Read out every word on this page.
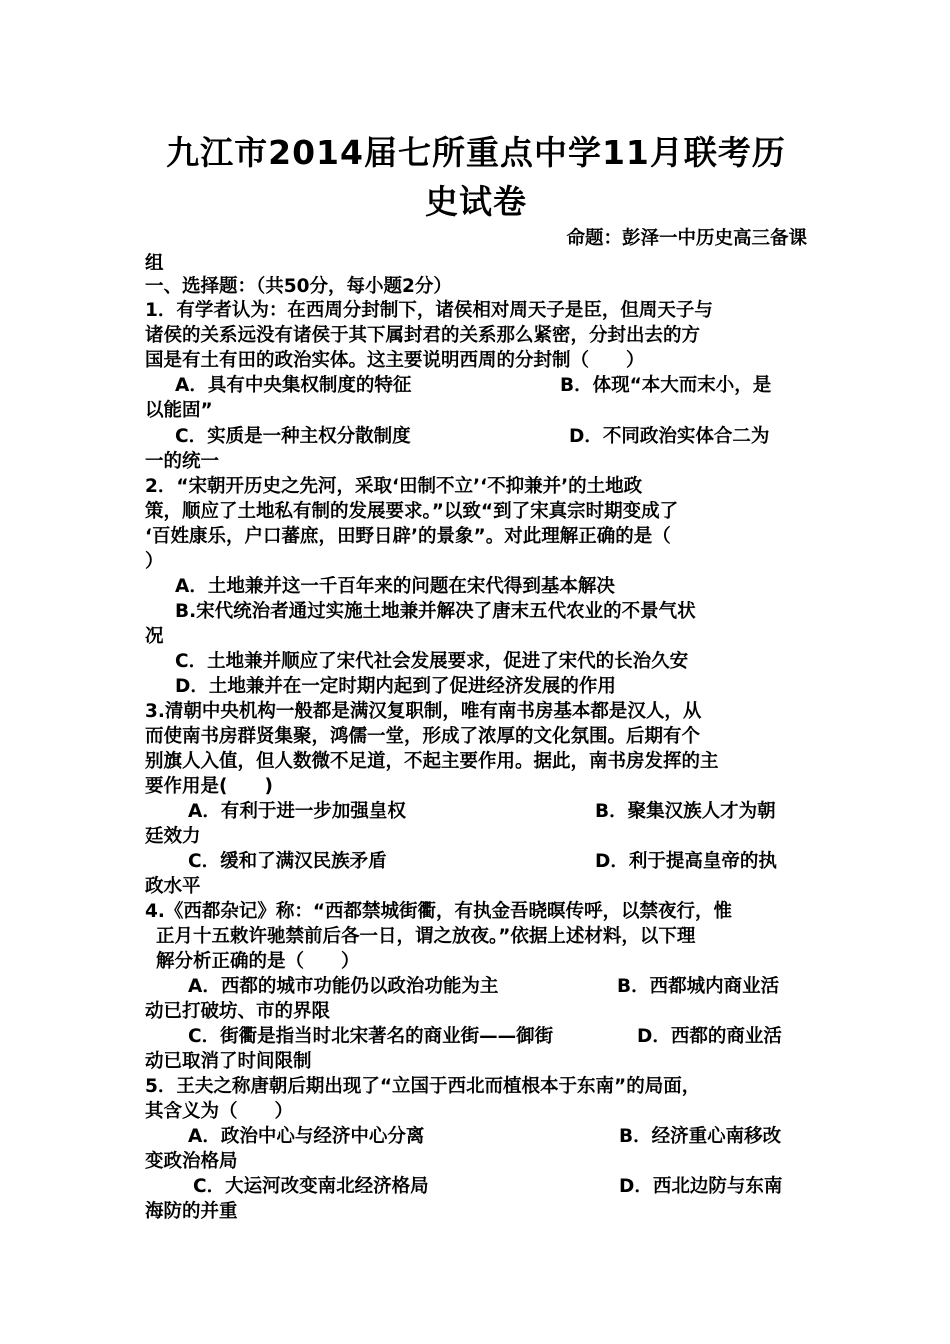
九江市2014届七所重点中学11月联考历
史试卷
命题：彭泽一中历史高三备课
组
一、选择题：（共50分，每小题2分）
1．有学者认为：在西周分封制下，诸侯相对周天子是臣，但周天子与
诸侯的关系远没有诸侯于其下属封君的关系那么紧密，分封出去的方
国是有土有田的政治实体。这主要说明西周的分封制（　　）
A．具有中央集权制度的特征	B．体现“本大而末小，是
以能固”
C．实质是一种主权分散制度	D．不同政治实体合二为
一的统一
2．“宋朝开历史之先河，采取‘田制不立’‘不抑兼并’的土地政
策，顺应了土地私有制的发展要求。”以致“到了宋真宗时期变成了
‘百姓康乐，户口蕃庶，田野日辟’的景象”。对此理解正确的是（
）
A．土地兼并这一千百年来的问题在宋代得到基本解决
B.宋代统治者通过实施土地兼并解决了唐末五代农业的不景气状
况
C．土地兼并顺应了宋代社会发展要求，促进了宋代的长治久安
D．土地兼并在一定时期内起到了促进经济发展的作用
3.清朝中央机构一般都是满汉复职制，唯有南书房基本都是汉人，从
而使南书房群贤集聚，鸿儒一堂，形成了浓厚的文化氛围。后期有个
别旗人入值，但人数微不足道，不起主要作用。据此，南书房发挥的主
要作用是(　　)
A．有利于进一步加强皇权	B．聚集汉族人才为朝
廷效力
C．缓和了满汉民族矛盾	D．利于提高皇帝的执
政水平
4.《西都杂记》称：“西都禁城街衢，有执金吾晓暝传呼，以禁夜行，惟
正月十五敕许驰禁前后各一日，谓之放夜。”依据上述材料，以下理
解分析正确的是（　　）
A．西都的城市功能仍以政治功能为主	B．西都城内商业活
动已打破坊、市的界限
C．街衢是指当时北宋著名的商业街——御街	D．西都的商业活
动已取消了时间限制
5．王夫之称唐朝后期出现了“立国于西北而植根本于东南”的局面，
其含义为（　　）
A．政治中心与经济中心分离	B．经济重心南移改
变政治格局
C．大运河改变南北经济格局	D．西北边防与东南
海防的并重
